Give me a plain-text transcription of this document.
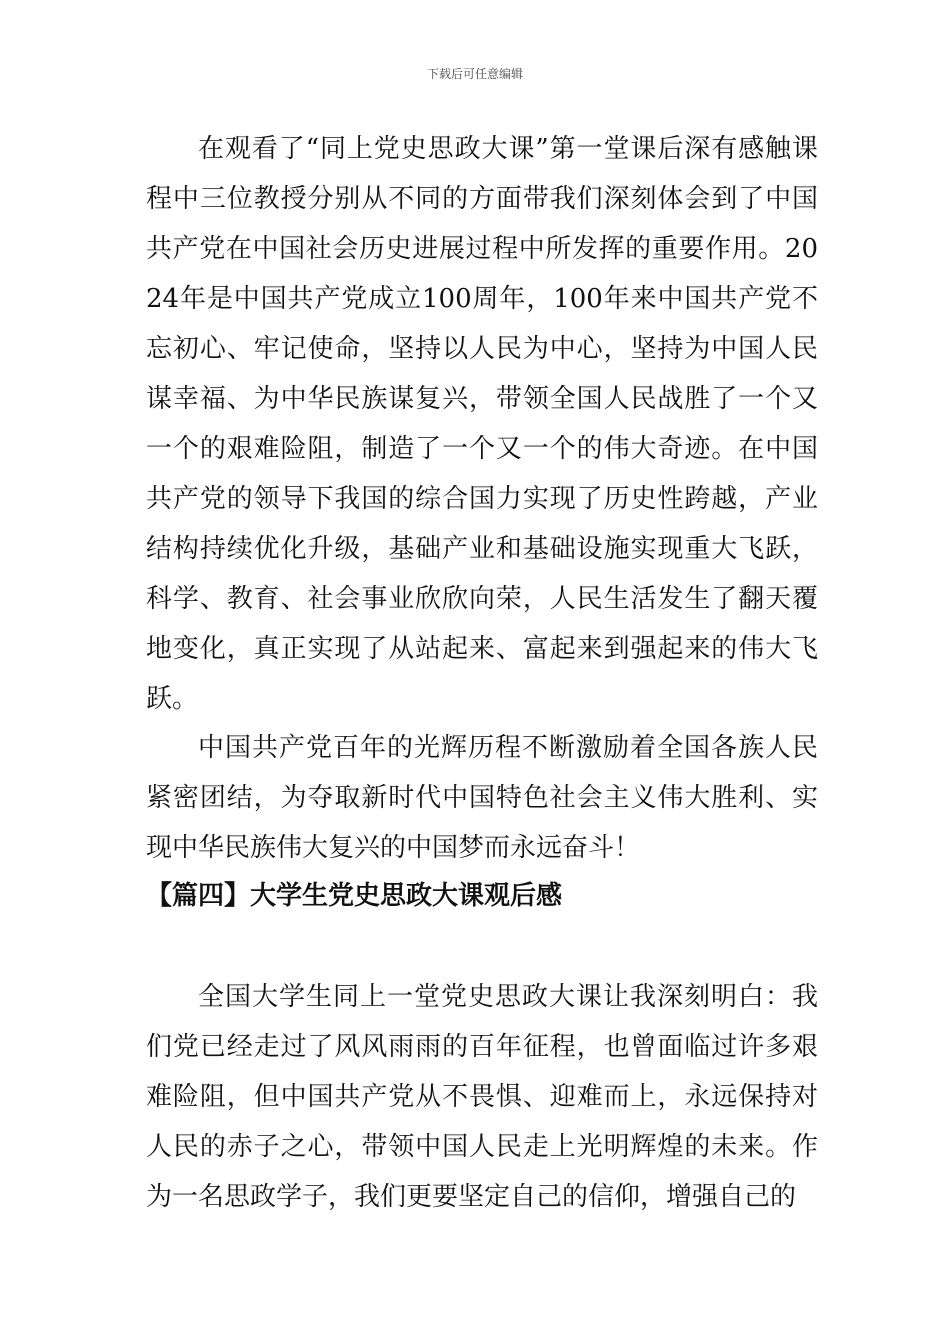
下载后可任意编辑

在观看了“同上党史思政大课”第一堂课后深有感触课程中三位教授分别从不同的方面带我们深刻体会到了中国共产党在中国社会历史进展过程中所发挥的重要作用。2024年是中国共产党成立100周年，100年来中国共产党不忘初心、牢记使命，坚持以人民为中心，坚持为中国人民谋幸福、为中华民族谋复兴，带领全国人民战胜了一个又一个的艰难险阻，制造了一个又一个的伟大奇迹。在中国共产党的领导下我国的综合国力实现了历史性跨越，产业结构持续优化升级，基础产业和基础设施实现重大飞跃，科学、教育、社会事业欣欣向荣，人民生活发生了翻天覆地变化，真正实现了从站起来、富起来到强起来的伟大飞跃。

中国共产党百年的光辉历程不断激励着全国各族人民紧密团结，为夺取新时代中国特色社会主义伟大胜利、实现中华民族伟大复兴的中国梦而永远奋斗！

【篇四】大学生党史思政大课观后感

全国大学生同上一堂党史思政大课让我深刻明白：我们党已经走过了风风雨雨的百年征程，也曾面临过许多艰难险阻，但中国共产党从不畏惧、迎难而上，永远保持对人民的赤子之心，带领中国人民走上光明辉煌的未来。作为一名思政学子，我们更要坚定自己的信仰，增强自己的
